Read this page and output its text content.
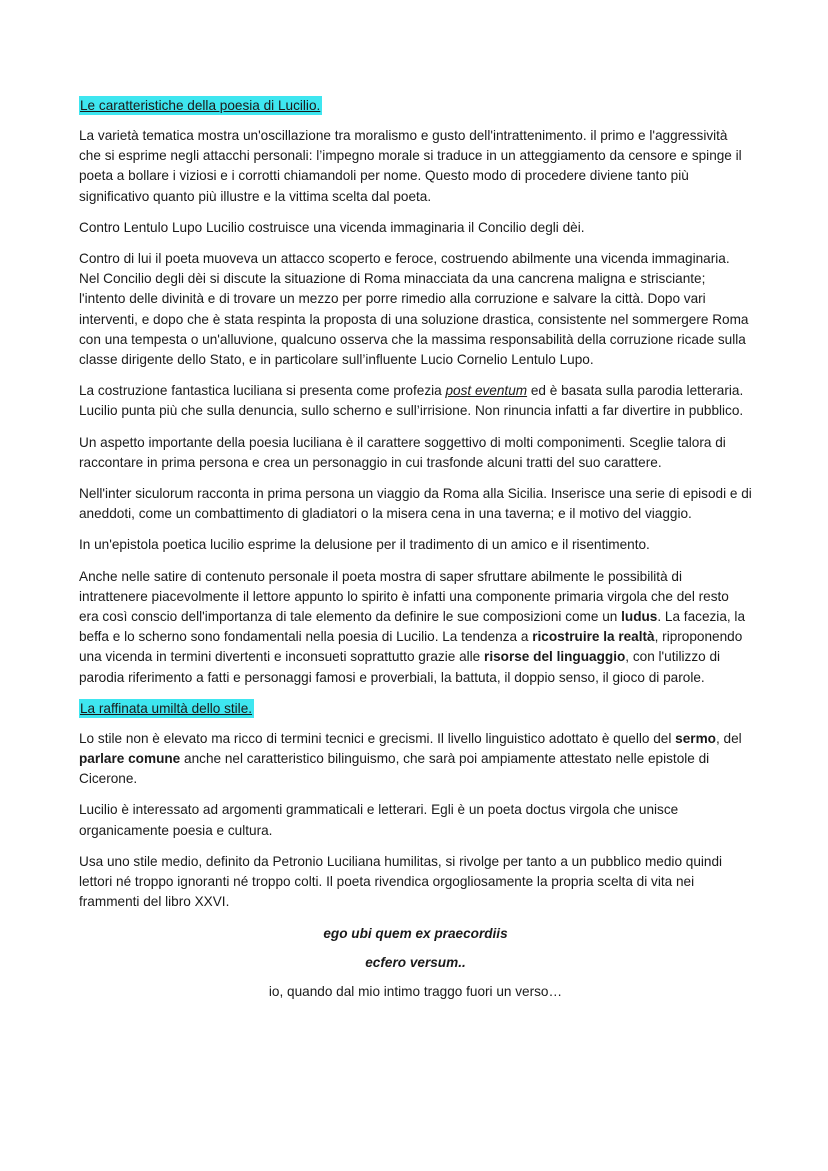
Le caratteristiche della poesia di Lucilio.

La varietà tematica mostra un'oscillazione tra moralismo e gusto dell'intrattenimento. il primo e l'aggressività che si esprime negli attacchi personali: l’impegno morale si traduce in un atteggiamento da censore e spinge il poeta a bollare i viziosi e i corrotti chiamandoli per nome. Questo modo di procedere diviene tanto più significativo quanto più illustre e la vittima scelta dal poeta.

Contro Lentulo Lupo Lucilio costruisce una vicenda immaginaria il Concilio degli dèi.

Contro di lui il poeta muoveva un attacco scoperto e feroce, costruendo abilmente una vicenda immaginaria. Nel Concilio degli dèi si discute la situazione di Roma minacciata da una cancrena maligna e strisciante; l'intento delle divinità e di trovare un mezzo per porre rimedio alla corruzione e salvare la città. Dopo vari interventi, e dopo che è stata respinta la proposta di una soluzione drastica, consistente nel sommergere Roma con una tempesta o un'alluvione, qualcuno osserva che la massima responsabilità della corruzione ricade sulla classe dirigente dello Stato, e in particolare sull’influente Lucio Cornelio Lentulo Lupo.

La costruzione fantastica luciliana si presenta come profezia post eventum ed è basata sulla parodia letteraria. Lucilio punta più che sulla denuncia, sullo scherno e sull’irrisione. Non rinuncia infatti a far divertire in pubblico.

Un aspetto importante della poesia luciliana è il carattere soggettivo di molti componimenti. Sceglie talora di raccontare in prima persona e crea un personaggio in cui trasfonde alcuni tratti del suo carattere.

Nell'inter siculorum racconta in prima persona un viaggio da Roma alla Sicilia. Inserisce una serie di episodi e di aneddoti, come un combattimento di gladiatori o la misera cena in una taverna; e il motivo del viaggio.

In un'epistola poetica lucilio esprime la delusione per il tradimento di un amico e il risentimento.

Anche nelle satire di contenuto personale il poeta mostra di saper sfruttare abilmente le possibilità di intrattenere piacevolmente il lettore appunto lo spirito è infatti una componente primaria virgola che del resto era così conscio dell'importanza di tale elemento da definire le sue composizioni come un ludus. La facezia, la beffa e lo scherno sono fondamentali nella poesia di Lucilio. La tendenza a ricostruire la realtà, riproponendo una vicenda in termini divertenti e inconsueti soprattutto grazie alle risorse del linguaggio, con l'utilizzo di parodia riferimento a fatti e personaggi famosi e proverbiali, la battuta, il doppio senso, il gioco di parole.

La raffinata umiltà dello stile.

Lo stile non è elevato ma ricco di termini tecnici e grecismi. Il livello linguistico adottato è quello del sermo, del parlare comune anche nel caratteristico bilinguismo, che sarà poi ampiamente attestato nelle epistole di Cicerone.

Lucilio è interessato ad argomenti grammaticali e letterari. Egli è un poeta doctus virgola che unisce organicamente poesia e cultura.

Usa uno stile medio, definito da Petronio Luciliana humilitas, si rivolge per tanto a un pubblico medio quindi lettori né troppo ignoranti né troppo colti. Il poeta rivendica orgogliosamente la propria scelta di vita nei frammenti del libro XXVI.

ego ubi quem ex praecordiis

ecfero versum..

io, quando dal mio intimo traggo fuori un verso…
